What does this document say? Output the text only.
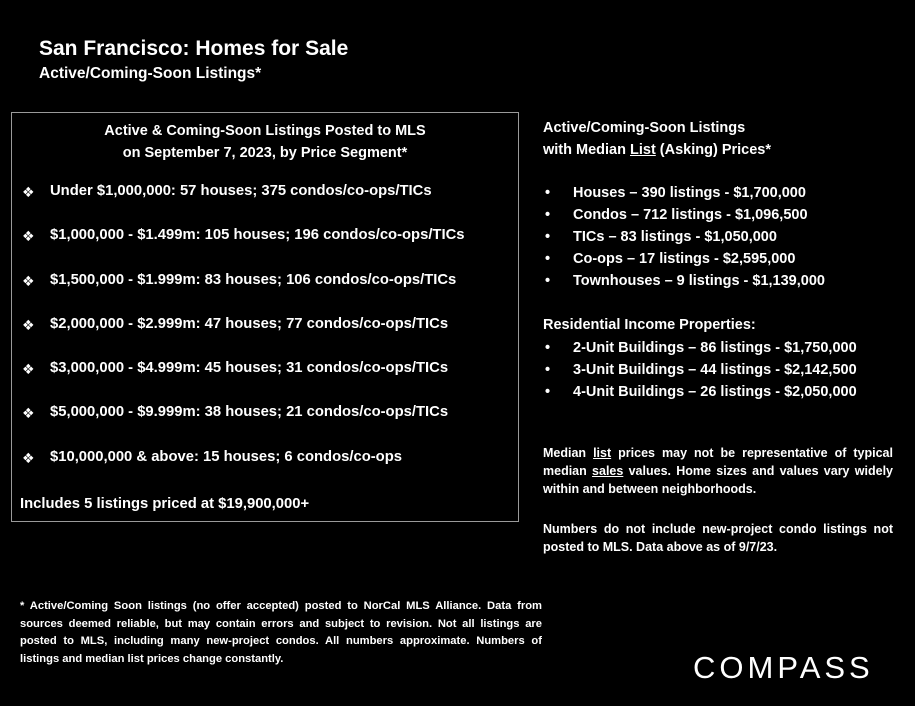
San Francisco: Homes for Sale
Active/Coming-Soon Listings*
Active & Coming-Soon Listings Posted to MLS
on September 7, 2023, by Price Segment*
❖ Under $1,000,000: 57 houses; 375 condos/co-ops/TICs
❖ $1,000,000 - $1.499m: 105 houses; 196 condos/co-ops/TICs
❖ $1,500,000 - $1.999m: 83 houses; 106 condos/co-ops/TICs
❖ $2,000,000 - $2.999m: 47 houses; 77 condos/co-ops/TICs
❖ $3,000,000 - $4.999m: 45 houses; 31 condos/co-ops/TICs
❖ $5,000,000 - $9.999m: 38 houses; 21 condos/co-ops/TICs
❖ $10,000,000 & above: 15 houses; 6 condos/co-ops
Includes 5 listings priced at $19,900,000+
Active/Coming-Soon Listings
with Median List (Asking) Prices*
• Houses – 390 listings - $1,700,000
• Condos – 712 listings - $1,096,500
• TICs – 83 listings - $1,050,000
• Co-ops – 17 listings - $2,595,000
• Townhouses – 9 listings - $1,139,000
Residential Income Properties:
• 2-Unit Buildings – 86 listings - $1,750,000
• 3-Unit Buildings – 44 listings - $2,142,500
• 4-Unit Buildings – 26 listings - $2,050,000

Median list prices may not be representative of typical median sales values. Home sizes and values vary widely within and between neighborhoods.

Numbers do not include new-project condo listings not posted to MLS. Data above as of 9/7/23.

* Active/Coming Soon listings (no offer accepted) posted to NorCal MLS Alliance. Data from sources deemed reliable, but may contain errors and subject to revision. Not all listings are posted to MLS, including many new-project condos. All numbers approximate. Numbers of listings and median list prices change constantly.	COMPASS
